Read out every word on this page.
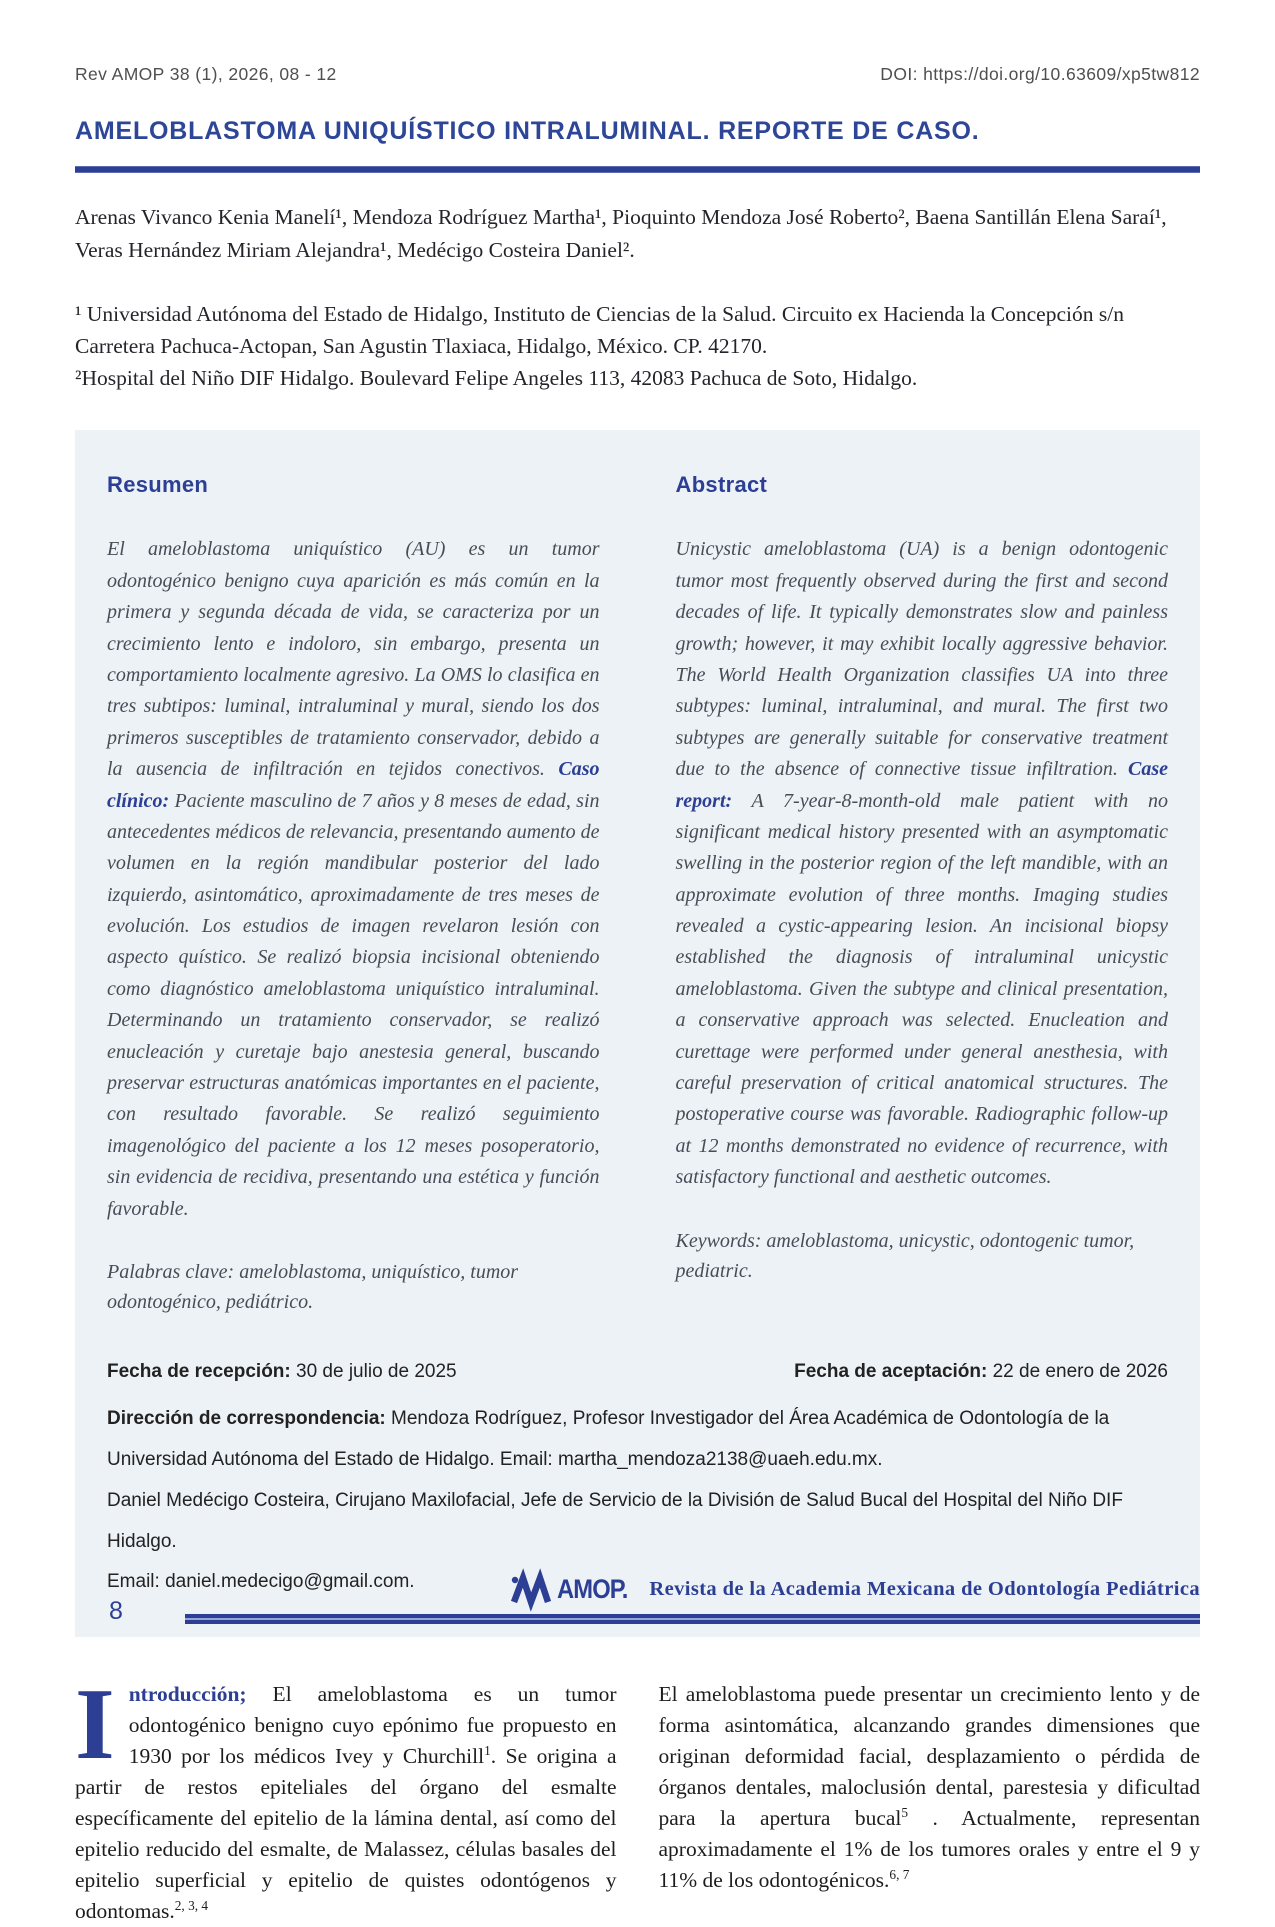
Rev AMOP 38 (1), 2026, 08 - 12	DOI: https://doi.org/10.63609/xp5tw812
AMELOBLASTOMA UNIQUÍSTICO INTRALUMINAL. REPORTE DE CASO.

Arenas Vivanco Kenia Manelí¹, Mendoza Rodríguez Martha¹, Pioquinto Mendoza José Roberto², Baena Santillán Elena Saraí¹, Veras Hernández Miriam Alejandra¹, Medécigo Costeira Daniel².

¹ Universidad Autónoma del Estado de Hidalgo, Instituto de Ciencias de la Salud. Circuito ex Hacienda la Concepción s/n Carretera Pachuca-Actopan, San Agustin Tlaxiaca, Hidalgo, México. CP. 42170.
²Hospital del Niño DIF Hidalgo. Boulevard Felipe Angeles 113, 42083 Pachuca de Soto, Hidalgo.
Resumen

El ameloblastoma uniquístico (AU) es un tumor odontogénico benigno cuya aparición es más común en la primera y segunda década de vida, se caracteriza por un crecimiento lento e indoloro, sin embargo, presenta un comportamiento localmente agresivo. La OMS lo clasifica en tres subtipos: luminal, intraluminal y mural, siendo los dos primeros susceptibles de tratamiento conservador, debido a la ausencia de infiltración en tejidos conectivos. Caso clínico: Paciente masculino de 7 años y 8 meses de edad, sin antecedentes médicos de relevancia, presentando aumento de volumen en la región mandibular posterior del lado izquierdo, asintomático, aproximadamente de tres meses de evolución. Los estudios de imagen revelaron lesión con aspecto quístico. Se realizó biopsia incisional obteniendo como diagnóstico ameloblastoma uniquístico intraluminal. Determinando un tratamiento conservador, se realizó enucleación y curetaje bajo anestesia general, buscando preservar estructuras anatómicas importantes en el paciente, con resultado favorable. Se realizó seguimiento imagenológico del paciente a los 12 meses posoperatorio, sin evidencia de recidiva, presentando una estética y función favorable.

Palabras clave: ameloblastoma, uniquístico, tumor odontogénico, pediátrico.

Abstract

Unicystic ameloblastoma (UA) is a benign odontogenic tumor most frequently observed during the first and second decades of life. It typically demonstrates slow and painless growth; however, it may exhibit locally aggressive behavior. The World Health Organization classifies UA into three subtypes: luminal, intraluminal, and mural. The first two subtypes are generally suitable for conservative treatment due to the absence of connective tissue infiltration. Case report: A 7-year-8-month-old male patient with no significant medical history presented with an asymptomatic swelling in the posterior region of the left mandible, with an approximate evolution of three months. Imaging studies revealed a cystic-appearing lesion. An incisional biopsy established the diagnosis of intraluminal unicystic ameloblastoma. Given the subtype and clinical presentation, a conservative approach was selected. Enucleation and curettage were performed under general anesthesia, with careful preservation of critical anatomical structures. The postoperative course was favorable. Radiographic follow-up at 12 months demonstrated no evidence of recurrence, with satisfactory functional and aesthetic outcomes.

Keywords: ameloblastoma, unicystic, odontogenic tumor, pediatric.

Fecha de recepción: 30 de julio de 2025	Fecha de aceptación: 22 de enero de 2026

Dirección de correspondencia: Mendoza Rodríguez, Profesor Investigador del Área Académica de Odontología de la Universidad Autónoma del Estado de Hidalgo. Email: martha_mendoza2138@uaeh.edu.mx.

Daniel Medécigo Costeira, Cirujano Maxilofacial, Jefe de Servicio de la División de Salud Bucal del Hospital del Niño DIF Hidalgo.

Email: daniel.medecigo@gmail.com.

Introducción; El ameloblastoma es un tumor odontogénico benigno cuyo epónimo fue propuesto en 1930 por los médicos Ivey y Churchill$^1$. Se origina a partir de restos epiteliales del órgano del esmalte específicamente del epitelio de la lámina dental, así como del epitelio reducido del esmalte, de Malassez, células basales del epitelio superficial y epitelio de quistes odontógenos y odontomas.$^{2, 3, 4}$
El ameloblastoma puede presentar un crecimiento lento y de forma asintomática, alcanzando grandes dimensiones que originan deformidad facial, desplazamiento o pérdida de órganos dentales, maloclusión dental, parestesia y dificultad para la apertura bucal$^5$ . Actualmente, representan aproximadamente el 1% de los tumores orales y entre el 9 y 11% de los odontogénicos.$^{6, 7}$
AMOP. Revista de la Academia Mexicana de Odontología Pediátrica
8
